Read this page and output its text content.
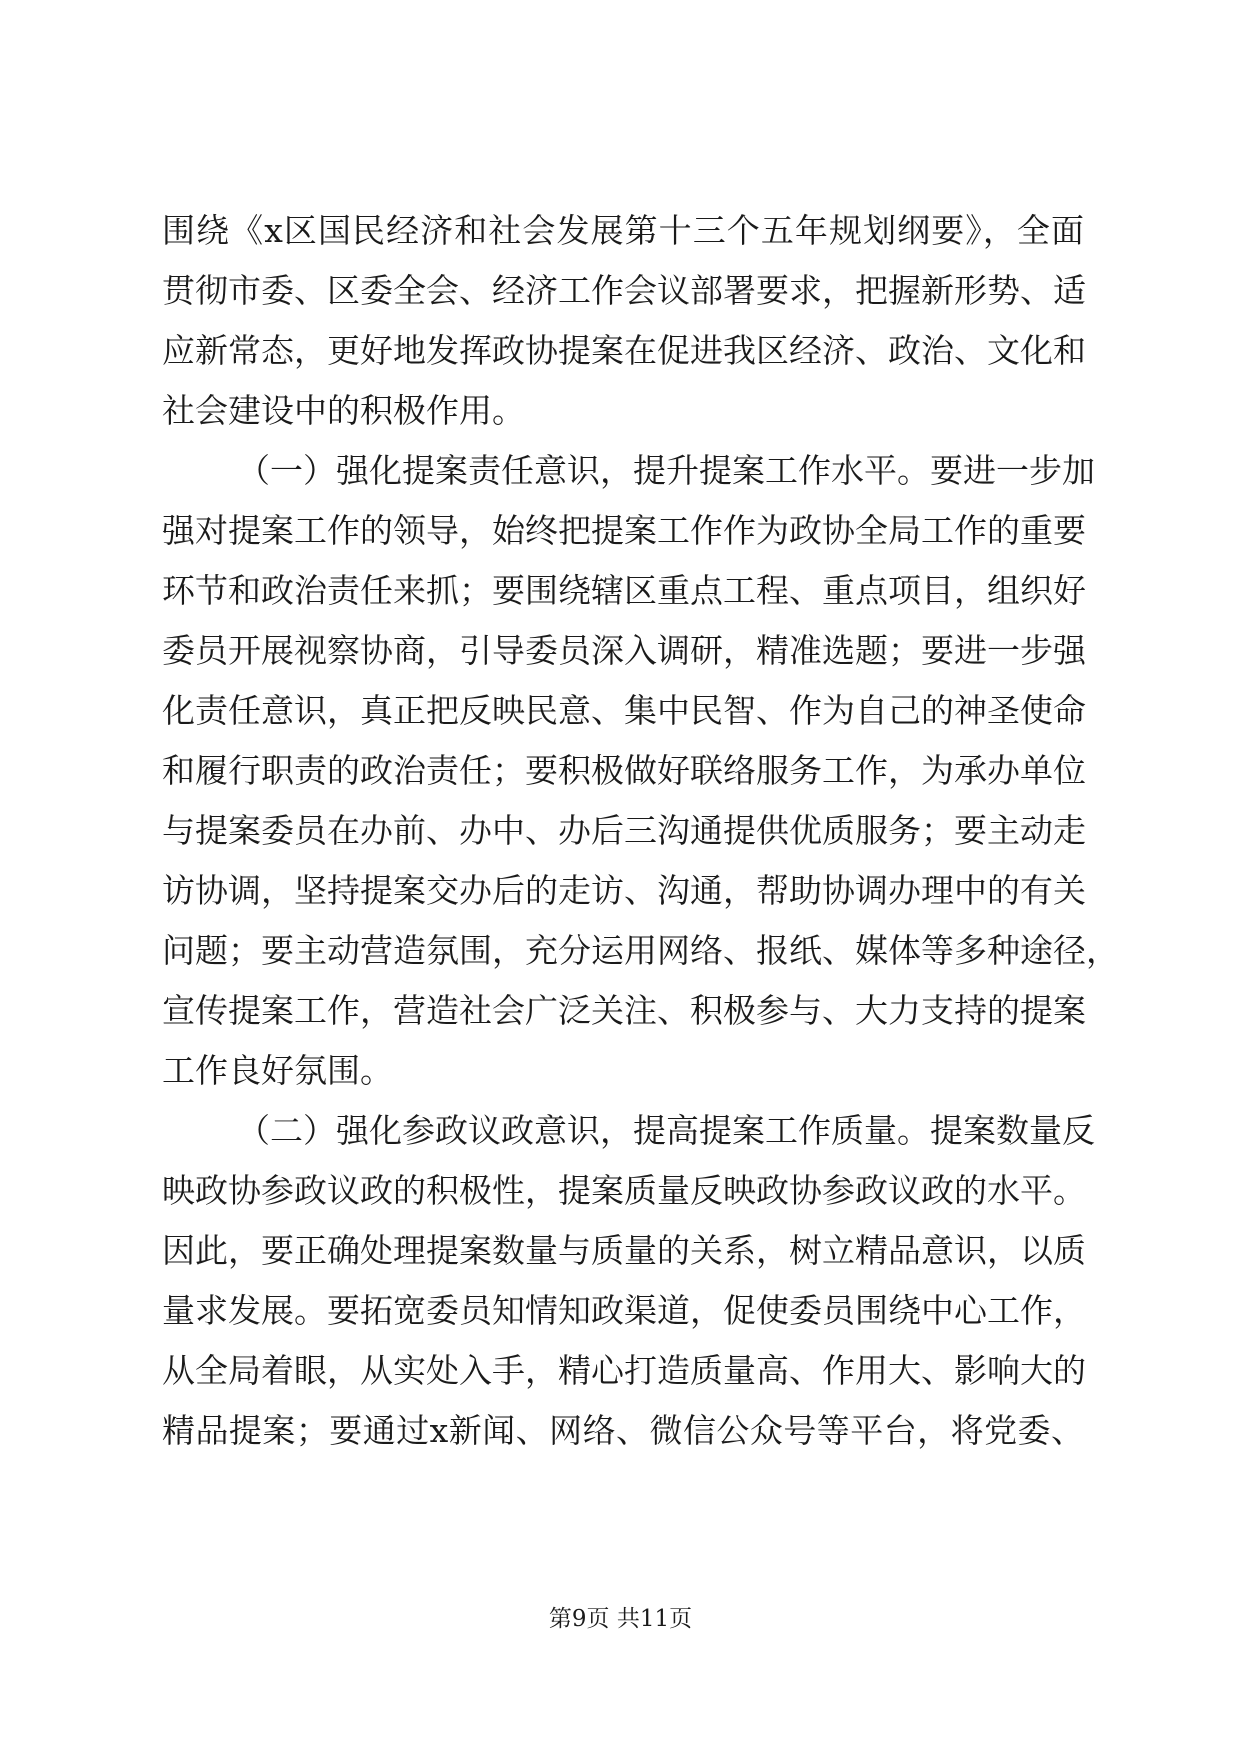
围绕《x区国民经济和社会发展第十三个五年规划纲要》，全面
贯彻市委、区委全会、经济工作会议部署要求，把握新形势、适
应新常态，更好地发挥政协提案在促进我区经济、政治、文化和
社会建设中的积极作用。
（一）强化提案责任意识，提升提案工作水平。要进一步加
强对提案工作的领导，始终把提案工作作为政协全局工作的重要
环节和政治责任来抓；要围绕辖区重点工程、重点项目，组织好
委员开展视察协商，引导委员深入调研，精准选题；要进一步强
化责任意识，真正把反映民意、集中民智、作为自己的神圣使命
和履行职责的政治责任；要积极做好联络服务工作，为承办单位
与提案委员在办前、办中、办后三沟通提供优质服务；要主动走
访协调，坚持提案交办后的走访、沟通，帮助协调办理中的有关
问题；要主动营造氛围，充分运用网络、报纸、媒体等多种途径，
宣传提案工作，营造社会广泛关注、积极参与、大力支持的提案
工作良好氛围。
（二）强化参政议政意识，提高提案工作质量。提案数量反
映政协参政议政的积极性，提案质量反映政协参政议政的水平。
因此，要正确处理提案数量与质量的关系，树立精品意识，以质
量求发展。要拓宽委员知情知政渠道，促使委员围绕中心工作，
从全局着眼，从实处入手，精心打造质量高、作用大、影响大的
精品提案；要通过x新闻、网络、微信公众号等平台，将党委、
第9页 共11页
